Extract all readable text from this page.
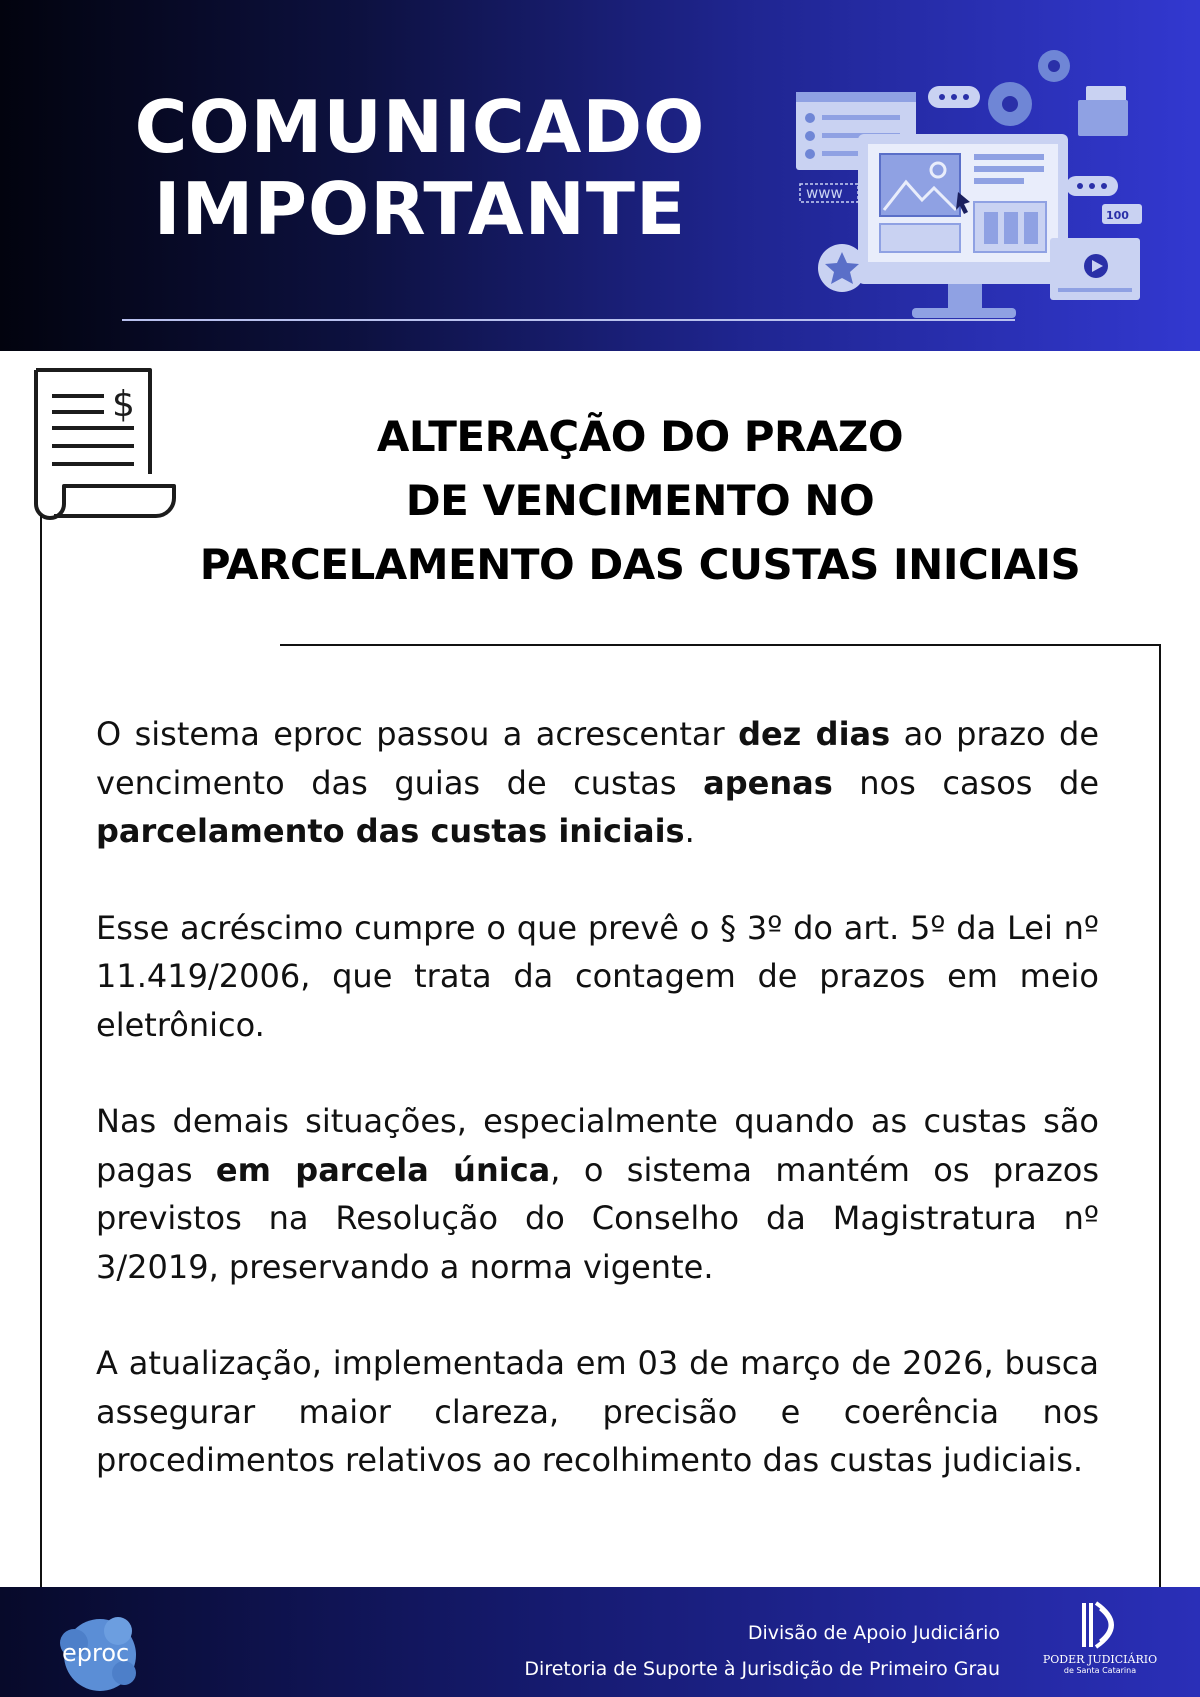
COMUNICADO
IMPORTANTE	www
100
$
ALTERAÇÃO DO PRAZO
DE VENCIMENTO NO
PARCELAMENTO DAS CUSTAS INICIAIS

O sistema eproc passou a acrescentar dez dias ao prazo de vencimento das guias de custas apenas nos casos de parcelamento das custas iniciais.

Esse acréscimo cumpre o que prevê o § 3º do art. 5º da Lei nº 11.419/2006, que trata da contagem de prazos em meio eletrônico.

Nas demais situações, especialmente quando as custas são pagas em parcela única, o sistema mantém os prazos previstos na Resolução do Conselho da Magistratura nº 3/2019, preservando a norma vigente.

A atualização, implementada em 03 de março de 2026, busca assegurar maior clareza, precisão e coerência nos procedimentos relativos ao recolhimento das custas judiciais.

eproc
Divisão de Apoio Judiciário
Diretoria de Suporte à Jurisdição de Primeiro Grau	PODER JUDICIÁRIO
de Santa Catarina
